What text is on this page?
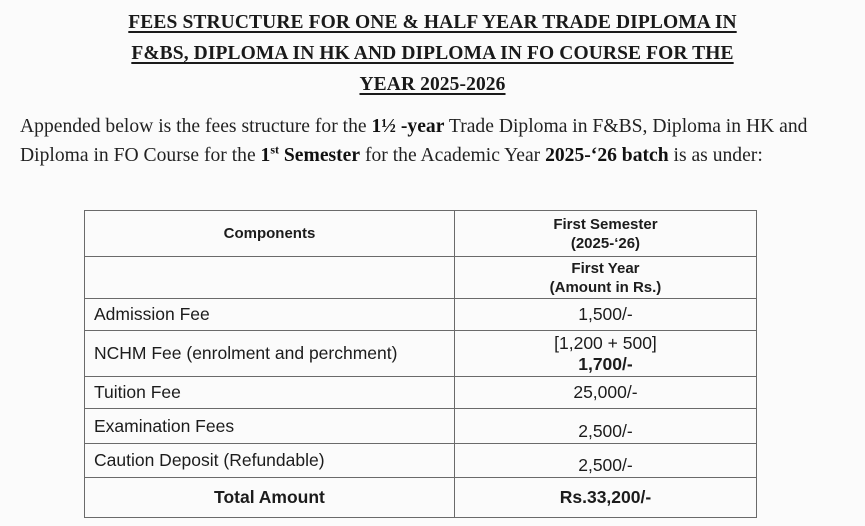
FEES STRUCTURE FOR ONE & HALF YEAR TRADE DIPLOMA IN
F&BS, DIPLOMA IN HK AND DIPLOMA IN FO COURSE FOR THE
YEAR 2025-2026
Appended below is the fees structure for the 1½ -year Trade Diploma in F&BS, Diploma in HK and Diploma in FO Course for the 1st Semester for the Academic Year 2025-‘26 batch is as under:
Components	First Semester
(2025-‘26)
	First Year
(Amount in Rs.)
Admission Fee	1,500/-
NCHM Fee (enrolment and perchment)	[1,200 + 500]
1,700/-
Tuition Fee	25,000/-
Examination Fees	2,500/-
Caution Deposit (Refundable)	2,500/-
Total Amount	Rs.33,200/-
